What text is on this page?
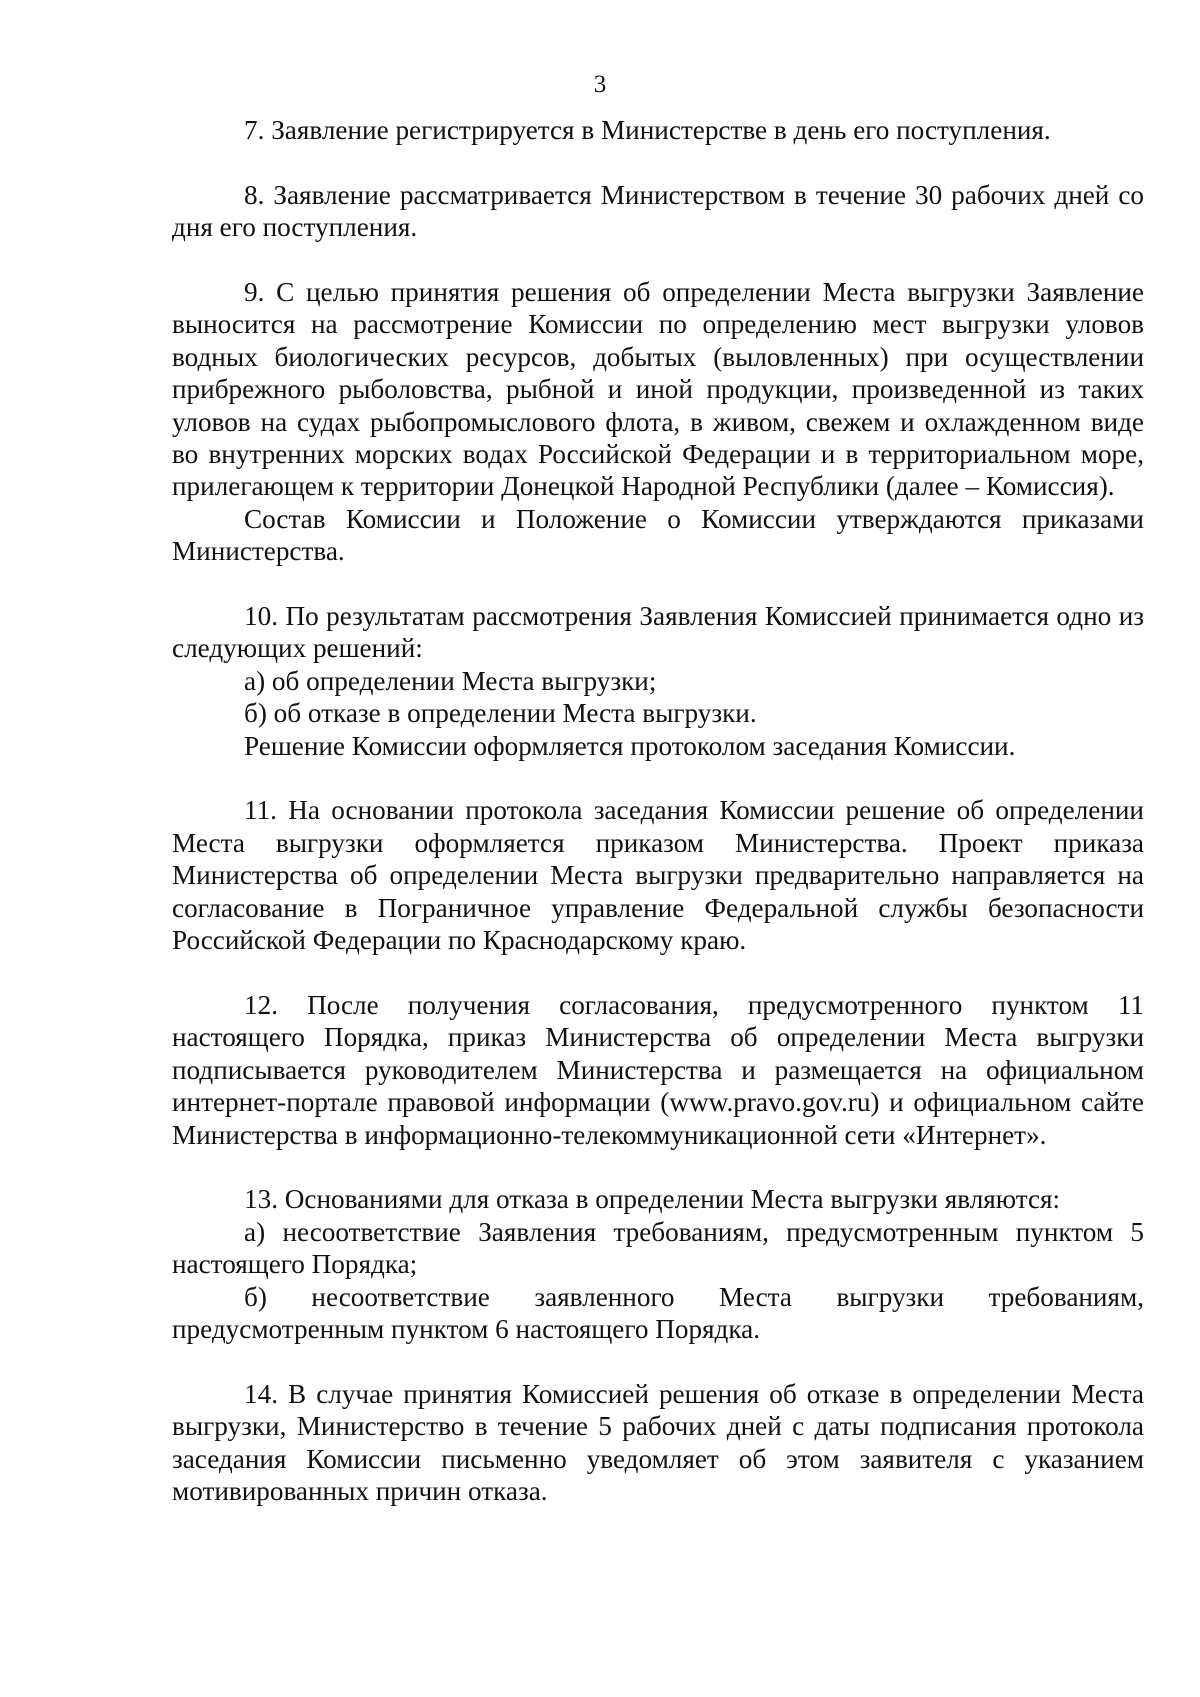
3

7. Заявление регистрируется в Министерстве в день его поступления.

8. Заявление рассматривается Министерством в течение 30 рабочих дней со дня его поступления.

9. С целью принятия решения об определении Места выгрузки Заявление выносится на рассмотрение Комиссии по определению мест выгрузки уловов водных биологических ресурсов, добытых (выловленных) при осуществлении прибрежного рыболовства, рыбной и иной продукции, произведенной из таких уловов на судах рыбопромыслового флота, в живом, свежем и охлажденном виде во внутренних морских водах Российской Федерации и в территориальном море, прилегающем к территории Донецкой Народной Республики (далее – Комиссия).

Состав Комиссии и Положение о Комиссии утверждаются приказами Министерства.

10. По результатам рассмотрения Заявления Комиссией принимается одно из следующих решений:

а) об определении Места выгрузки;

б) об отказе в определении Места выгрузки.

Решение Комиссии оформляется протоколом заседания Комиссии.

11. На основании протокола заседания Комиссии решение об определении Места выгрузки оформляется приказом Министерства. Проект приказа Министерства об определении Места выгрузки предварительно направляется на согласование в Пограничное управление Федеральной службы безопасности Российской Федерации по Краснодарскому краю.

12. После получения согласования, предусмотренного пунктом 11 настоящего Порядка, приказ Министерства об определении Места выгрузки подписывается руководителем Министерства и размещается на официальном интернет-портале правовой информации (www.pravo.gov.ru) и официальном сайте Министерства в информационно-телекоммуникационной сети «Интернет».

13. Основаниями для отказа в определении Места выгрузки являются:

а) несоответствие Заявления требованиям, предусмотренным пунктом 5 настоящего Порядка;

б) несоответствие заявленного Места выгрузки требованиям, предусмотренным пунктом 6 настоящего Порядка.

14. В случае принятия Комиссией решения об отказе в определении Места выгрузки, Министерство в течение 5 рабочих дней с даты подписания протокола заседания Комиссии письменно уведомляет об этом заявителя с указанием мотивированных причин отказа.
